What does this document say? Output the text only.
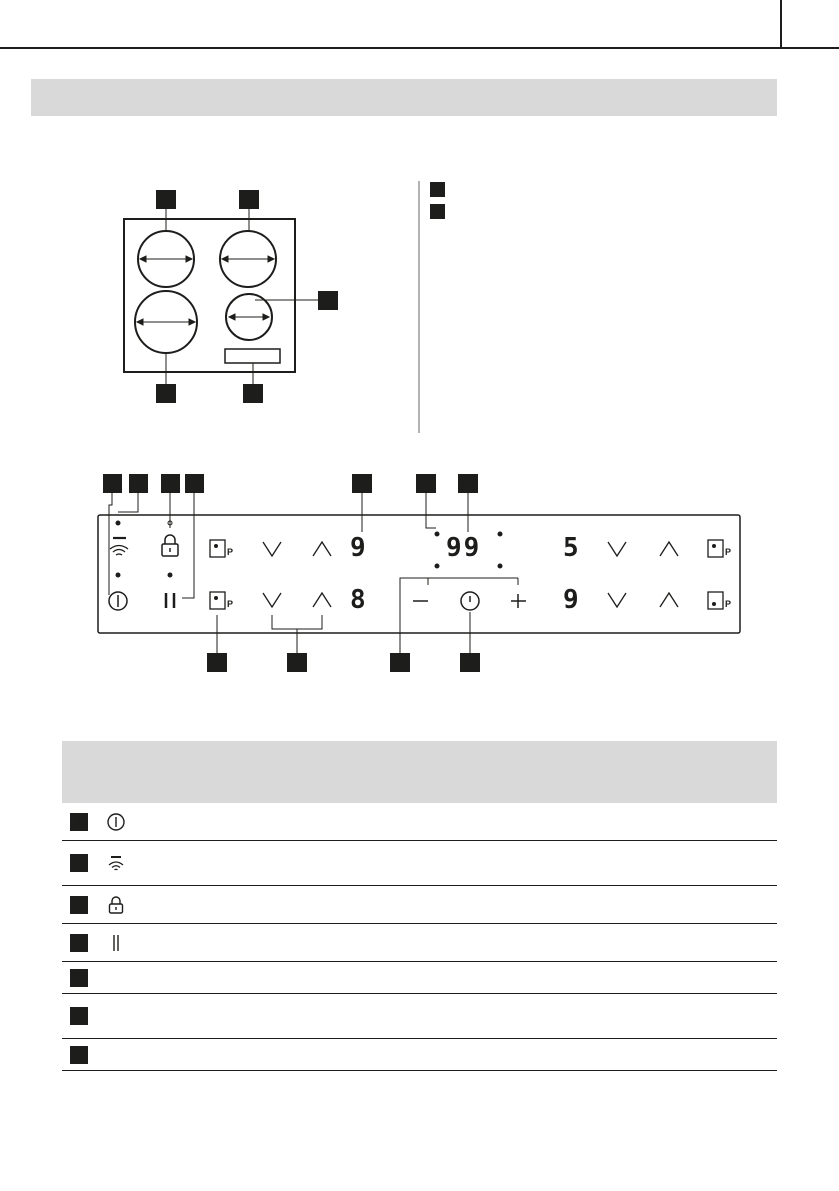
P
P
P
P
9
8
99	5
9
1
2

1		
2		
3		
4		
5		
6		
7		
